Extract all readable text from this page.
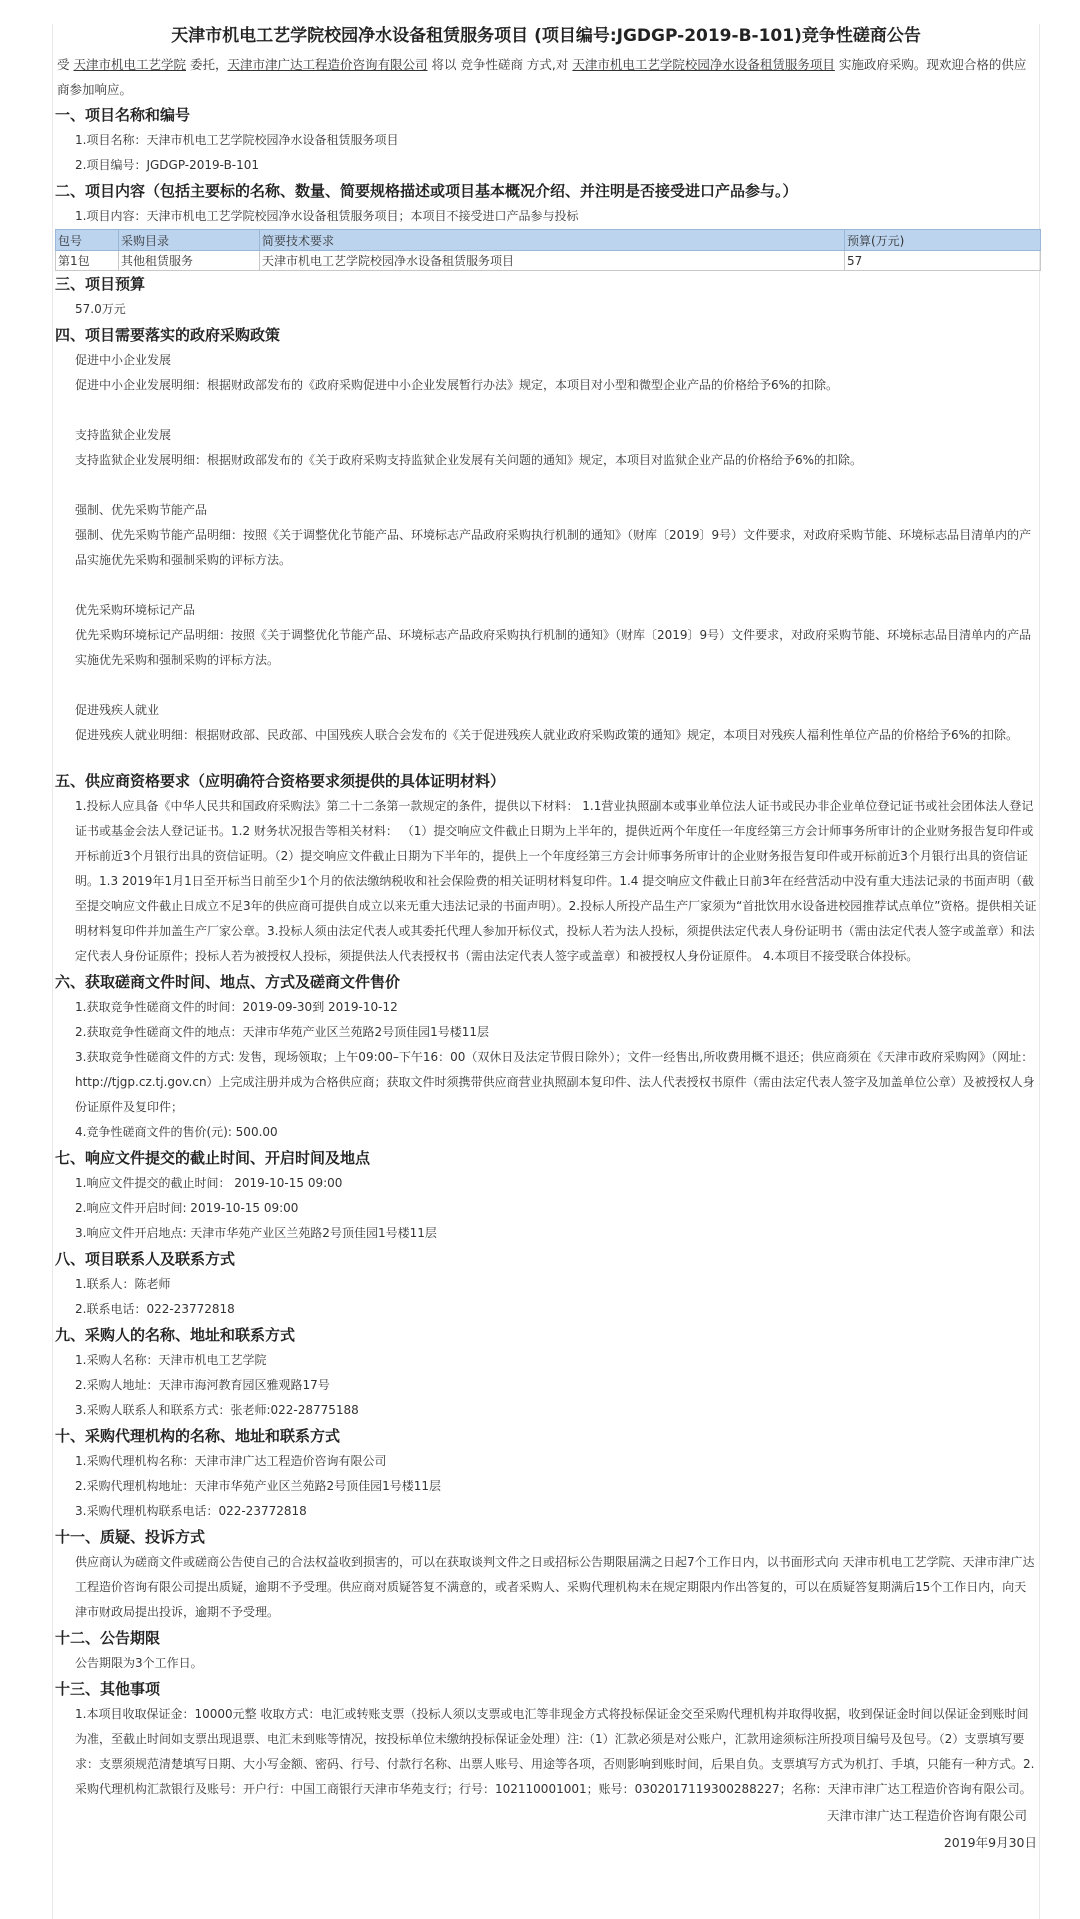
天津市机电工艺学院校园净水设备租赁服务项目 (项目编号:JGDGP-2019-B-101)竞争性磋商公告
受 天津市机电工艺学院 委托，天津市津广达工程造价咨询有限公司 将以 竞争性磋商 方式,对 天津市机电工艺学院校园净水设备租赁服务项目 实施政府采购。现欢迎合格的供应商参加响应。
一、项目名称和编号
1.项目名称：天津市机电工艺学院校园净水设备租赁服务项目
2.项目编号：JGDGP-2019-B-101
二、项目内容（包括主要标的名称、数量、简要规格描述或项目基本概况介绍、并注明是否接受进口产品参与。）
1.项目内容：天津市机电工艺学院校园净水设备租赁服务项目；本项目不接受进口产品参与投标
包号	采购目录	简要技术要求	预算(万元)
第1包	其他租赁服务	天津市机电工艺学院校园净水设备租赁服务项目	57
三、项目预算
57.0万元
四、项目需要落实的政府采购政策
促进中小企业发展
促进中小企业发展明细：根据财政部发布的《政府采购促进中小企业发展暂行办法》规定，本项目对小型和微型企业产品的价格给予6%的扣除。
支持监狱企业发展
支持监狱企业发展明细：根据财政部发布的《关于政府采购支持监狱企业发展有关问题的通知》规定，本项目对监狱企业产品的价格给予6%的扣除。
强制、优先采购节能产品
强制、优先采购节能产品明细：按照《关于调整优化节能产品、环境标志产品政府采购执行机制的通知》（财库〔2019〕9号）文件要求，对政府采购节能、环境标志品目清单内的产品实施优先采购和强制采购的评标方法。
优先采购环境标记产品
优先采购环境标记产品明细：按照《关于调整优化节能产品、环境标志产品政府采购执行机制的通知》（财库〔2019〕9号）文件要求，对政府采购节能、环境标志品目清单内的产品实施优先采购和强制采购的评标方法。
促进残疾人就业
促进残疾人就业明细：根据财政部、民政部、中国残疾人联合会发布的《关于促进残疾人就业政府采购政策的通知》规定，本项目对残疾人福利性单位产品的价格给予6%的扣除。
五、供应商资格要求（应明确符合资格要求须提供的具体证明材料）
1.投标人应具备《中华人民共和国政府采购法》第二十二条第一款规定的条件，提供以下材料： 1.1营业执照副本或事业单位法人证书或民办非企业单位登记证书或社会团体法人登记证书或基金会法人登记证书。1.2 财务状况报告等相关材料： （1）提交响应文件截止日期为上半年的，提供近两个年度任一年度经第三方会计师事务所审计的企业财务报告复印件或开标前近3个月银行出具的资信证明。（2）提交响应文件截止日期为下半年的，提供上一个年度经第三方会计师事务所审计的企业财务报告复印件或开标前近3个月银行出具的资信证明。1.3 2019年1月1日至开标当日前至少1个月的依法缴纳税收和社会保险费的相关证明材料复印件。1.4 提交响应文件截止日前3年在经营活动中没有重大违法记录的书面声明（截至提交响应文件截止日成立不足3年的供应商可提供自成立以来无重大违法记录的书面声明）。2.投标人所投产品生产厂家须为“首批饮用水设备进校园推荐试点单位”资格。提供相关证明材料复印件并加盖生产厂家公章。3.投标人须由法定代表人或其委托代理人参加开标仪式，投标人若为法人投标，须提供法定代表人身份证明书（需由法定代表人签字或盖章）和法定代表人身份证原件；投标人若为被授权人投标，须提供法人代表授权书（需由法定代表人签字或盖章）和被授权人身份证原件。 4.本项目不接受联合体投标。
六、获取磋商文件时间、地点、方式及磋商文件售价
1.获取竞争性磋商文件的时间：2019-09-30到 2019-10-12
2.获取竞争性磋商文件的地点：天津市华苑产业区兰苑路2号顶佳园1号楼11层
3.获取竞争性磋商文件的方式: 发售，现场领取；上午09:00–下午16：00（双休日及法定节假日除外）；文件一经售出,所收费用概不退还；供应商须在《天津市政府采购网》（网址：http://tjgp.cz.tj.gov.cn）上完成注册并成为合格供应商；获取文件时须携带供应商营业执照副本复印件、法人代表授权书原件（需由法定代表人签字及加盖单位公章）及被授权人身份证原件及复印件；
4.竞争性磋商文件的售价(元): 500.00
七、响应文件提交的截止时间、开启时间及地点
1.响应文件提交的截止时间： 2019-10-15 09:00
2.响应文件开启时间: 2019-10-15 09:00
3.响应文件开启地点: 天津市华苑产业区兰苑路2号顶佳园1号楼11层
八、项目联系人及联系方式
1.联系人：陈老师
2.联系电话：022-23772818
九、采购人的名称、地址和联系方式
1.采购人名称：天津市机电工艺学院
2.采购人地址：天津市海河教育园区雅观路17号
3.采购人联系人和联系方式：张老师:022-28775188
十、采购代理机构的名称、地址和联系方式
1.采购代理机构名称：天津市津广达工程造价咨询有限公司
2.采购代理机构地址：天津市华苑产业区兰苑路2号顶佳园1号楼11层
3.采购代理机构联系电话：022-23772818
十一、质疑、投诉方式
供应商认为磋商文件或磋商公告使自己的合法权益收到损害的，可以在获取谈判文件之日或招标公告期限届满之日起7个工作日内，以书面形式向 天津市机电工艺学院、天津市津广达工程造价咨询有限公司提出质疑，逾期不予受理。供应商对质疑答复不满意的，或者采购人、采购代理机构未在规定期限内作出答复的，可以在质疑答复期满后15个工作日内，向天津市财政局提出投诉，逾期不予受理。
十二、公告期限
公告期限为3个工作日。
十三、其他事项
1.本项目收取保证金：10000元整 收取方式：电汇或转账支票（投标人须以支票或电汇等非现金方式将投标保证金交至采购代理机构并取得收据，收到保证金时间以保证金到账时间为准，至截止时间如支票出现退票、电汇未到账等情况，按投标单位未缴纳投标保证金处理）注:（1）汇款必须是对公账户，汇款用途须标注所投项目编号及包号。（2）支票填写要求：支票须规范清楚填写日期、大小写金额、密码、行号、付款行名称、出票人账号、用途等各项，否则影响到账时间，后果自负。支票填写方式为机打、手填，只能有一种方式。2.采购代理机构汇款银行及账号：开户行：中国工商银行天津市华苑支行；行号：102110001001；账号：0302017119300288227；名称：天津市津广达工程造价咨询有限公司。
天津市津广达工程造价咨询有限公司
2019年9月30日
